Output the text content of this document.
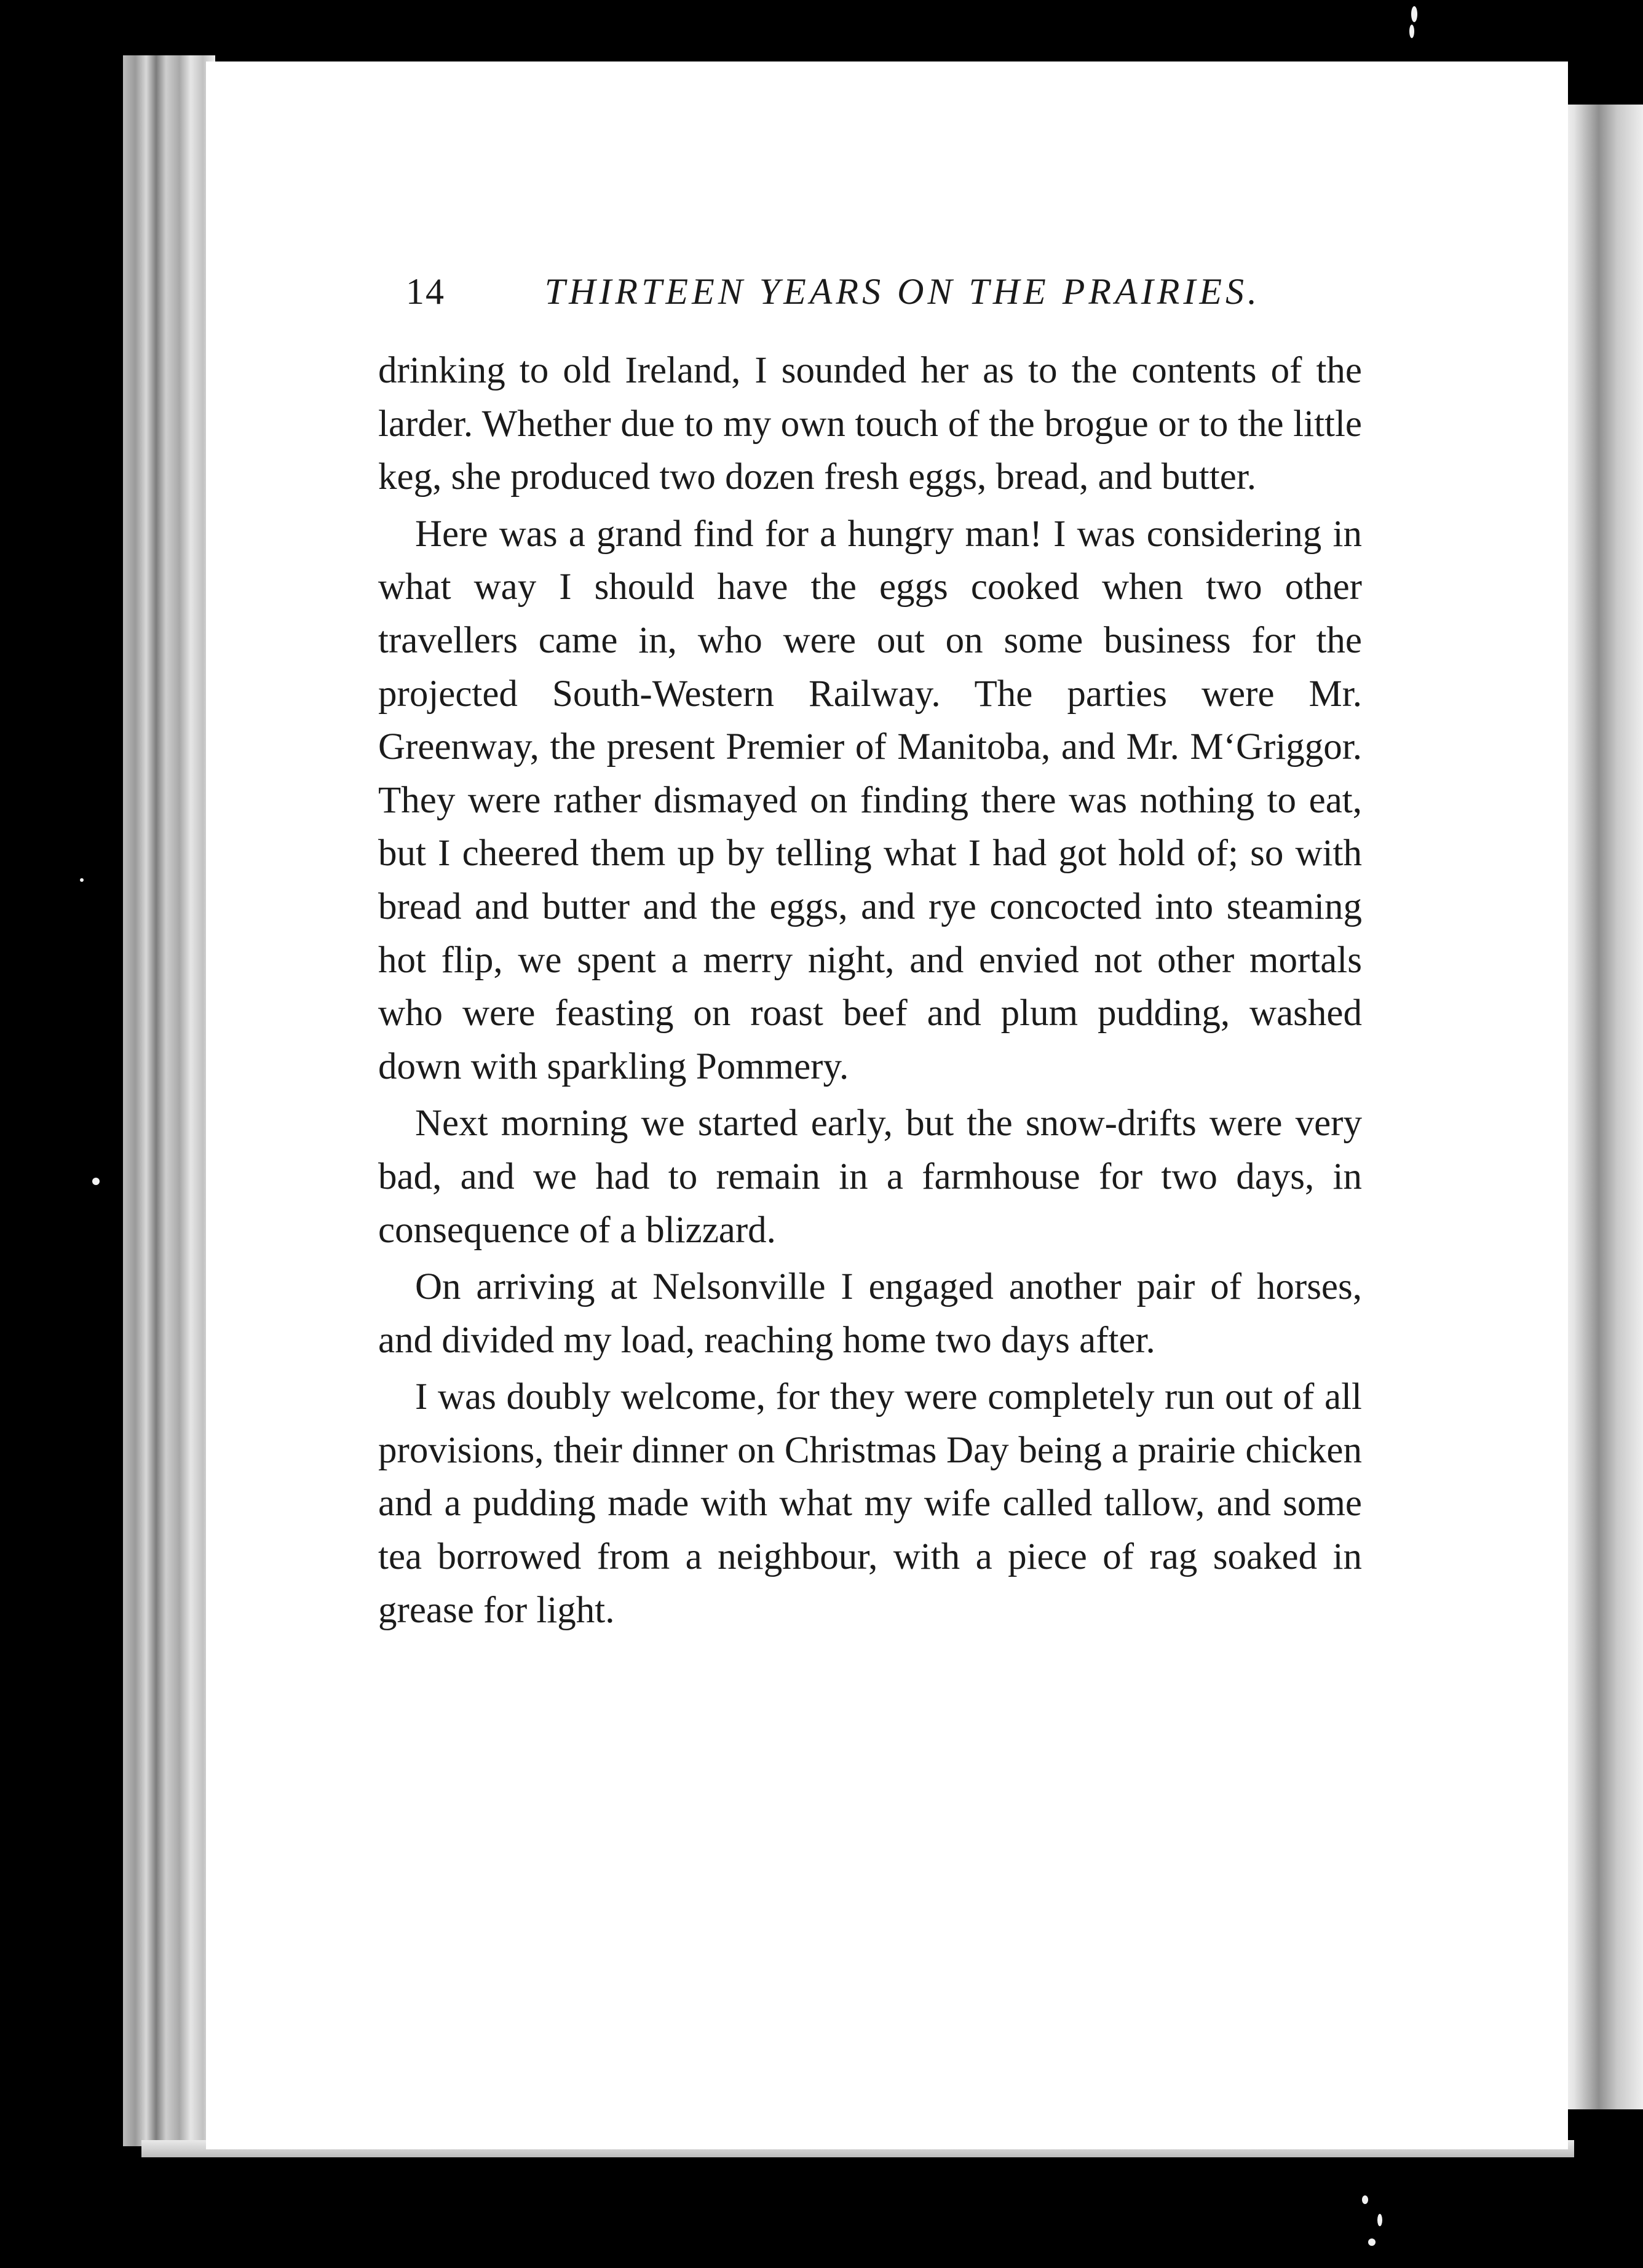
14	THIRTEEN YEARS ON THE PRAIRIES.

drinking to old Ireland, I sounded her as to the contents of the larder. Whether due to my own touch of the brogue or to the little keg, she produced two dozen fresh eggs, bread, and butter.

Here was a grand find for a hungry man! I was considering in what way I should have the eggs cooked when two other travellers came in, who were out on some business for the projected South-Western Railway. The parties were Mr. Greenway, the present Premier of Manitoba, and Mr. M‘Griggor. They were rather dismayed on finding there was nothing to eat, but I cheered them up by telling what I had got hold of; so with bread and butter and the eggs, and rye concocted into steaming hot flip, we spent a merry night, and envied not other mortals who were feasting on roast beef and plum pudding, washed down with sparkling Pommery.

Next morning we started early, but the snow-drifts were very bad, and we had to remain in a farmhouse for two days, in consequence of a blizzard.

On arriving at Nelsonville I engaged another pair of horses, and divided my load, reaching home two days after.

I was doubly welcome, for they were completely run out of all provisions, their dinner on Christmas Day being a prairie chicken and a pudding made with what my wife called tallow, and some tea borrowed from a neighbour, with a piece of rag soaked in grease for light.
